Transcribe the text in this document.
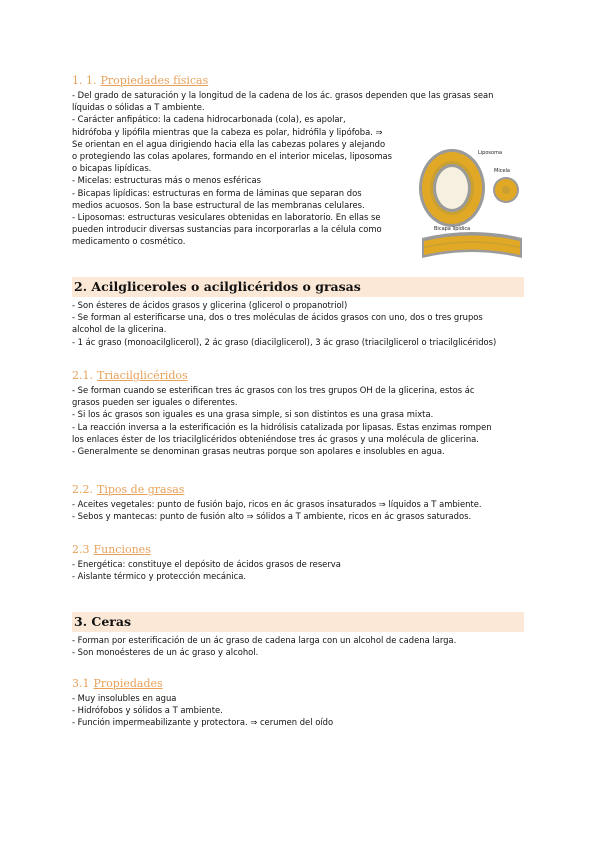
1. 1. Propiedades físicas

- Del grado de saturación y la longitud de la cadena de los ác. grasos dependen que las grasas sean

líquidas o sólidas a T ambiente.

- Carácter anfipático: la cadena hidrocarbonada (cola), es apolar,

hidrófoba y lipófila mientras que la cabeza es polar, hidrófila y lipófoba. ⇒

Se orientan en el agua dirigiendo hacia ella las cabezas polares y alejando

o protegiendo las colas apolares, formando en el interior micelas, liposomas

o bicapas lipídicas.

- Micelas: estructuras más o menos esféricas

- Bicapas lipídicas: estructuras en forma de láminas que separan dos

medios acuosos. Son la base estructural de las membranas celulares.

- Liposomas: estructuras vesiculares obtenidas en laboratorio. En ellas se

pueden introducir diversas sustancias para incorporarlas a la célula como

medicamento o cosmético.

Liposoma
Micela
Bicapa lipídica
2. Acilgliceroles o acilglicéridos o grasas

- Son ésteres de ácidos grasos y glicerina (glicerol o propanotriol)

- Se forman al esterificarse una, dos o tres moléculas de ácidos grasos con uno, dos o tres grupos

alcohol de la glicerina.

- 1 ác graso (monoacilglicerol), 2 ác graso (diacilglicerol), 3 ác graso (triacilglicerol o triacilglicéridos)

2.1. Triacilglicéridos

- Se forman cuando se esterifican tres ác grasos con los tres grupos OH de la glicerina, estos ác

grasos pueden ser iguales o diferentes.

- Si los ác grasos son iguales es una grasa simple, si son distintos es una grasa mixta.

- La reacción inversa a la esterificación es la hidrólisis catalizada por lipasas. Estas enzimas rompen

los enlaces éster de los triacilglicéridos obteniéndose tres ác grasos y una molécula de glicerina.

- Generalmente se denominan grasas neutras porque son apolares e insolubles en agua.

2.2. Tipos de grasas

- Aceites vegetales: punto de fusión bajo, ricos en ác grasos insaturados ⇒ líquidos a T ambiente.

- Sebos y mantecas: punto de fusión alto ⇒ sólidos a T ambiente, ricos en ác grasos saturados.

2.3 Funciones

- Energética: constituye el depósito de ácidos grasos de reserva

- Aislante térmico y protección mecánica.

3. Ceras

- Forman por esterificación de un ác graso de cadena larga con un alcohol de cadena larga.

- Son monoésteres de un ác graso y alcohol.

3.1 Propiedades

- Muy insolubles en agua

- Hidrófobos y sólidos a T ambiente.

- Función impermeabilizante y protectora. ⇒ cerumen del oído
